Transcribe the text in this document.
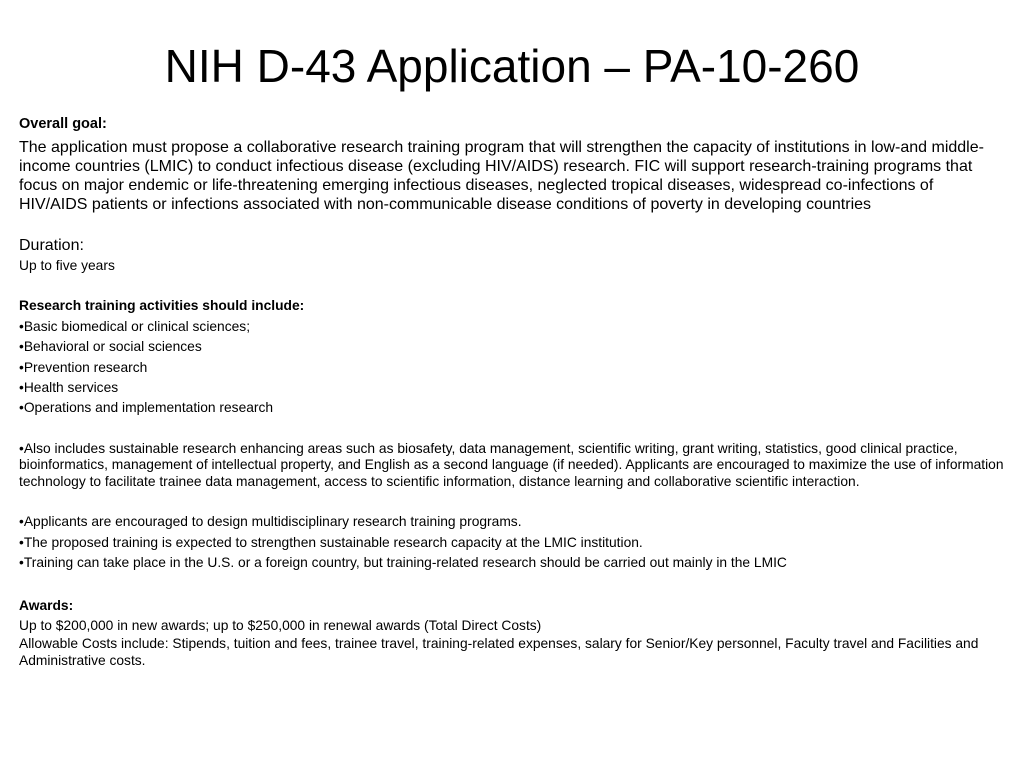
NIH D-43 Application – PA-10-260

Overall goal:

The application must propose a collaborative research training program that will strengthen the capacity of institutions in low-and middle-income countries (LMIC) to conduct infectious disease (excluding HIV/AIDS) research. FIC will support research-training programs that focus on major endemic or life-threatening emerging infectious diseases, neglected tropical diseases, widespread co-infections of HIV/AIDS patients or infections associated with non-communicable disease conditions of poverty in developing countries

Duration:

Up to five years

Research training activities should include:

•Basic biomedical or clinical sciences;

•Behavioral or social sciences

•Prevention research

•Health services

•Operations and implementation research

•Also includes sustainable research enhancing areas such as biosafety, data management, scientific writing, grant writing, statistics, good clinical practice, bioinformatics, management of intellectual property, and English as a second language (if needed). Applicants are encouraged to maximize the use of information technology to facilitate trainee data management, access to scientific information, distance learning and collaborative scientific interaction.

•Applicants are encouraged to design multidisciplinary research training programs.

•The proposed training is expected to strengthen sustainable research capacity at the LMIC institution.

•Training can take place in the U.S. or a foreign country, but training-related research should be carried out mainly in the LMIC

Awards:

Up to $200,000 in new awards; up to $250,000 in renewal awards (Total Direct Costs)

Allowable Costs include: Stipends, tuition and fees, trainee travel, training-related expenses, salary for Senior/Key personnel, Faculty travel and Facilities and Administrative costs.
